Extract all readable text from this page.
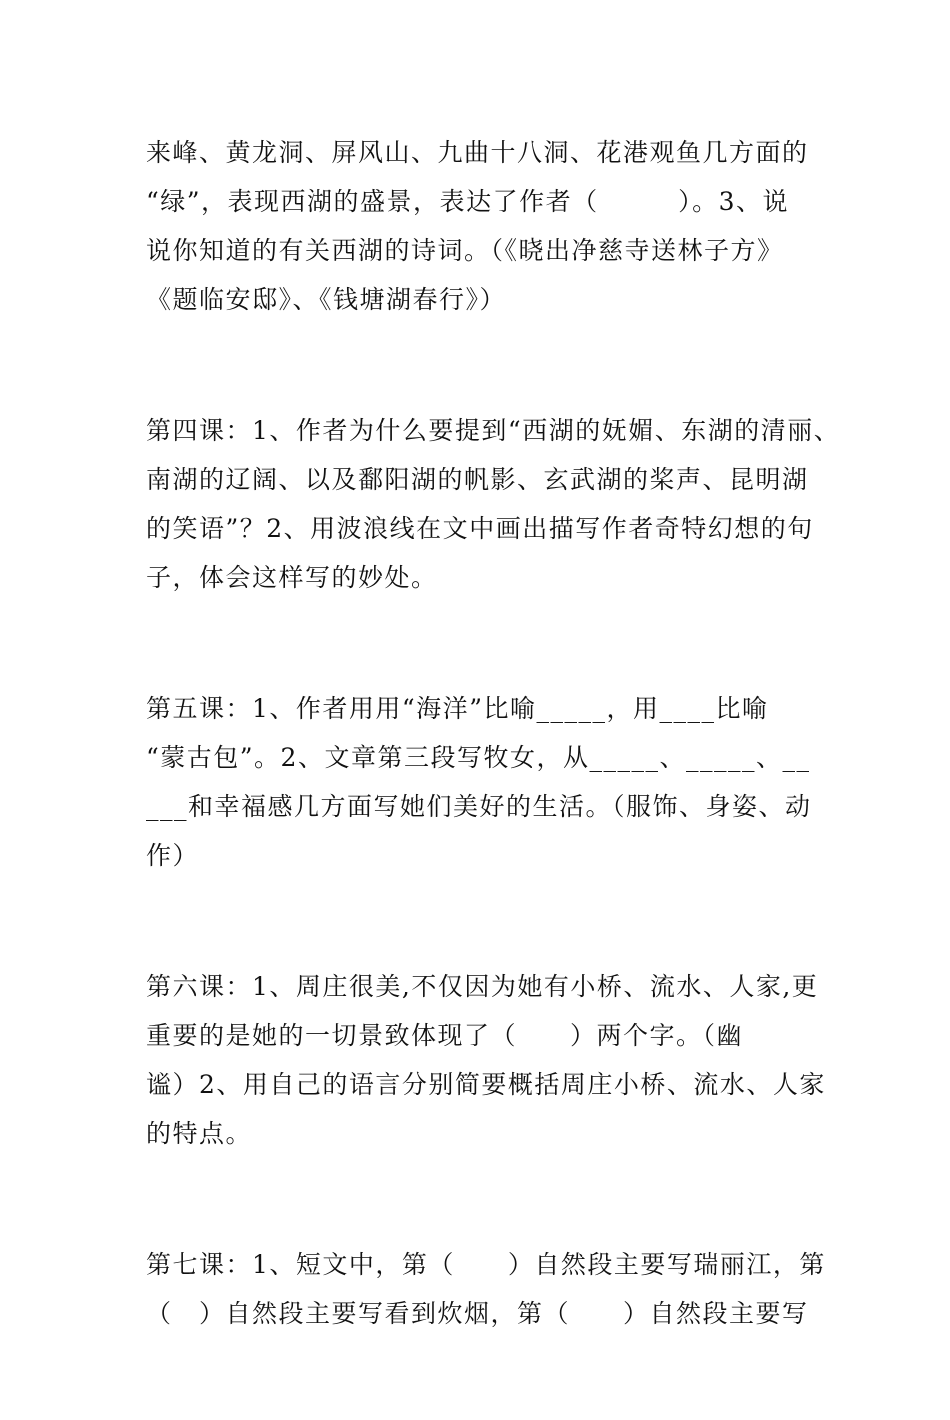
来峰、黄龙洞、屏风山、九曲十八洞、花港观鱼几方面的
“绿”，表现西湖的盛景，表达了作者（　　　）。3、说
说你知道的有关西湖的诗词。（《晓出净慈寺送林子方》
《题临安邸》、《钱塘湖春行》）

第四课：1、作者为什么要提到“西湖的妩媚、东湖的清丽、
南湖的辽阔、以及鄱阳湖的帆影、玄武湖的桨声、昆明湖
的笑语”？2、用波浪线在文中画出描写作者奇特幻想的句
子，体会这样写的妙处。

第五课：1、作者用用“海洋”比喻_____，用____比喻
“蒙古包”。2、文章第三段写牧女，从_____、_____、__
___和幸福感几方面写她们美好的生活。（服饰、身姿、动
作）

第六课：1、周庄很美,不仅因为她有小桥、流水、人家,更
重要的是她的一切景致体现了（　　）两个字。（幽
谧）2、用自己的语言分别简要概括周庄小桥、流水、人家
的特点。

第七课：1、短文中，第（　　）自然段主要写瑞丽江，第
（　）自然段主要写看到炊烟，第（　　）自然段主要写
